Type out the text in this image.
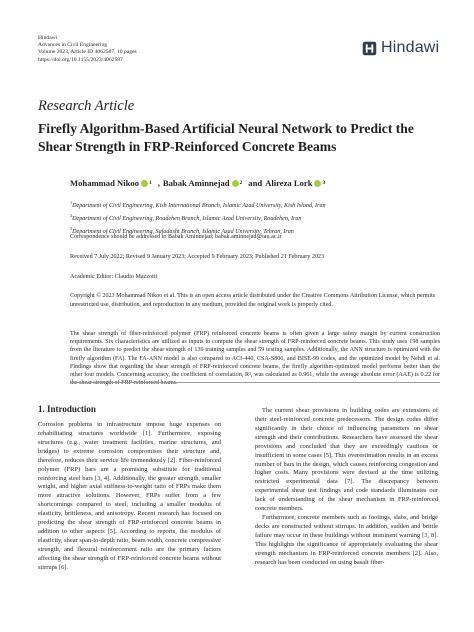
Hindawi
Advances in Civil Engineering
Volume 2023, Article ID 4062587, 10 pages
https://doi.org/10.1155/2023/4062587
Hindawi
Research Article
Firefly Algorithm-Based Artificial Neural Network to Predict the Shear Strength in FRP-Reinforced Concrete Beams
Mohammad Nikoo 1 , Babak Aminnejad 2 and Alireza Lork 3
$^1$Department of Civil Engineering, Kish International Branch, Islamic Azad University, Kish Island, Iran
$^2$Department of Civil Engineering, Roudehen Branch, Islamic Azad University, Roudehen, Iran
$^3$Department of Civil Engineering, Safadasht Branch, Islamic Azad University, Tehran, Iran
Correspondence should be addressed to Babak Aminnejad; babak.aminnejad@iau.ac.ir
Received 7 July 2022; Revised 9 January 2023; Accepted 9 February 2023; Published 21 February 2023
Academic Editor: Claudio Mazzotti
Copyright © 2023 Mohammad Nikoo et al. This is an open access article distributed under the Creative Commons Attribution License, which permits unrestricted use, distribution, and reproduction in any medium, provided the original work is properly cited.
The shear strength of fiber-reinforced polymer (FRP) reinforced concrete beams is often given a large safety margin by current construction requirements. Six characteristics are utilized as inputs to compute the shear strength of FRP-reinforced concrete beams. This study uses 198 samples from the literature to predict the shear strength of 139 training samples and 59 testing samples. Additionally, the ANN structure is optimized with the firefly algorithm (FA). The FA-ANN model is also compared to ACI-440, CSA-S806, and BISE-99 codes, and the optimized model by Nehdi et al. Findings show that regarding the shear strength of FRP-reinforced concrete beams, the firefly algorithm-optimized model performs better than the other four models. Concerning accuracy, the coefficient of correlation, R², was calculated as 0.961, while the average absolute error (AAE) is 0.22 for the shear strength of FRP-reinforced beams.
1. Introduction

Corrosion problems in infrastructure impose huge expenses on rehabilitating structures worldwide [1]. Furthermore, exposing structures (e.g., water treatment facilities, marine structures, and bridges) to extreme corrosion compromises their structure and, therefore, reduces their service life tremendously [2]. Fiber-reinforced polymer (FRP) bars are a promising substitute for traditional reinforcing steel bars [3, 4]. Additionally, the greater strength, smaller weight, and higher axial stiffness-to-weight ratio of FRPs make them more attractive solutions. However, FRPs suffer from a few shortcomings compared to steel, including a smaller modulus of elasticity, brittleness, and anisotropy. Recent research has focused on predicting the shear strength of FRP-reinforced concrete beams in addition to other aspects [5]. According to reports, the modulus of elasticity, shear span-to-depth ratio, beam width, concrete compressive strength, and flexural reinforcement ratio are the primary factors affecting the shear strength of FRP-reinforced concrete beams without stirrups [6].

The current shear provisions in building codes are extensions of their steel-reinforced concrete predecessors. The design codes differ significantly in their choice of influencing parameters on shear strength and their contributions. Researchers have assessed the shear provisions and concluded that they are exceedingly cautious or insufficient in some cases [5]. This overestimation results in an excess number of bars in the design, which causes reinforcing congestion and higher costs. Many provisions were devised at the time utilizing restricted experimental data [7]. The discrepancy between experimental shear test findings and code standards illuminates our lack of understanding of the shear mechanism in FRP-reinforced concrete members.

Furthermore, concrete members such as footings, slabs, and bridge decks are constructed without stirrups. In addition, sudden and brittle failure may occur in these buildings without imminent warning [3, 8]. This highlights the significance of appropriately evaluating the shear strength mechanism in FRP-reinforced concrete members [2]. Also, research has been conducted on using basalt fiber-
